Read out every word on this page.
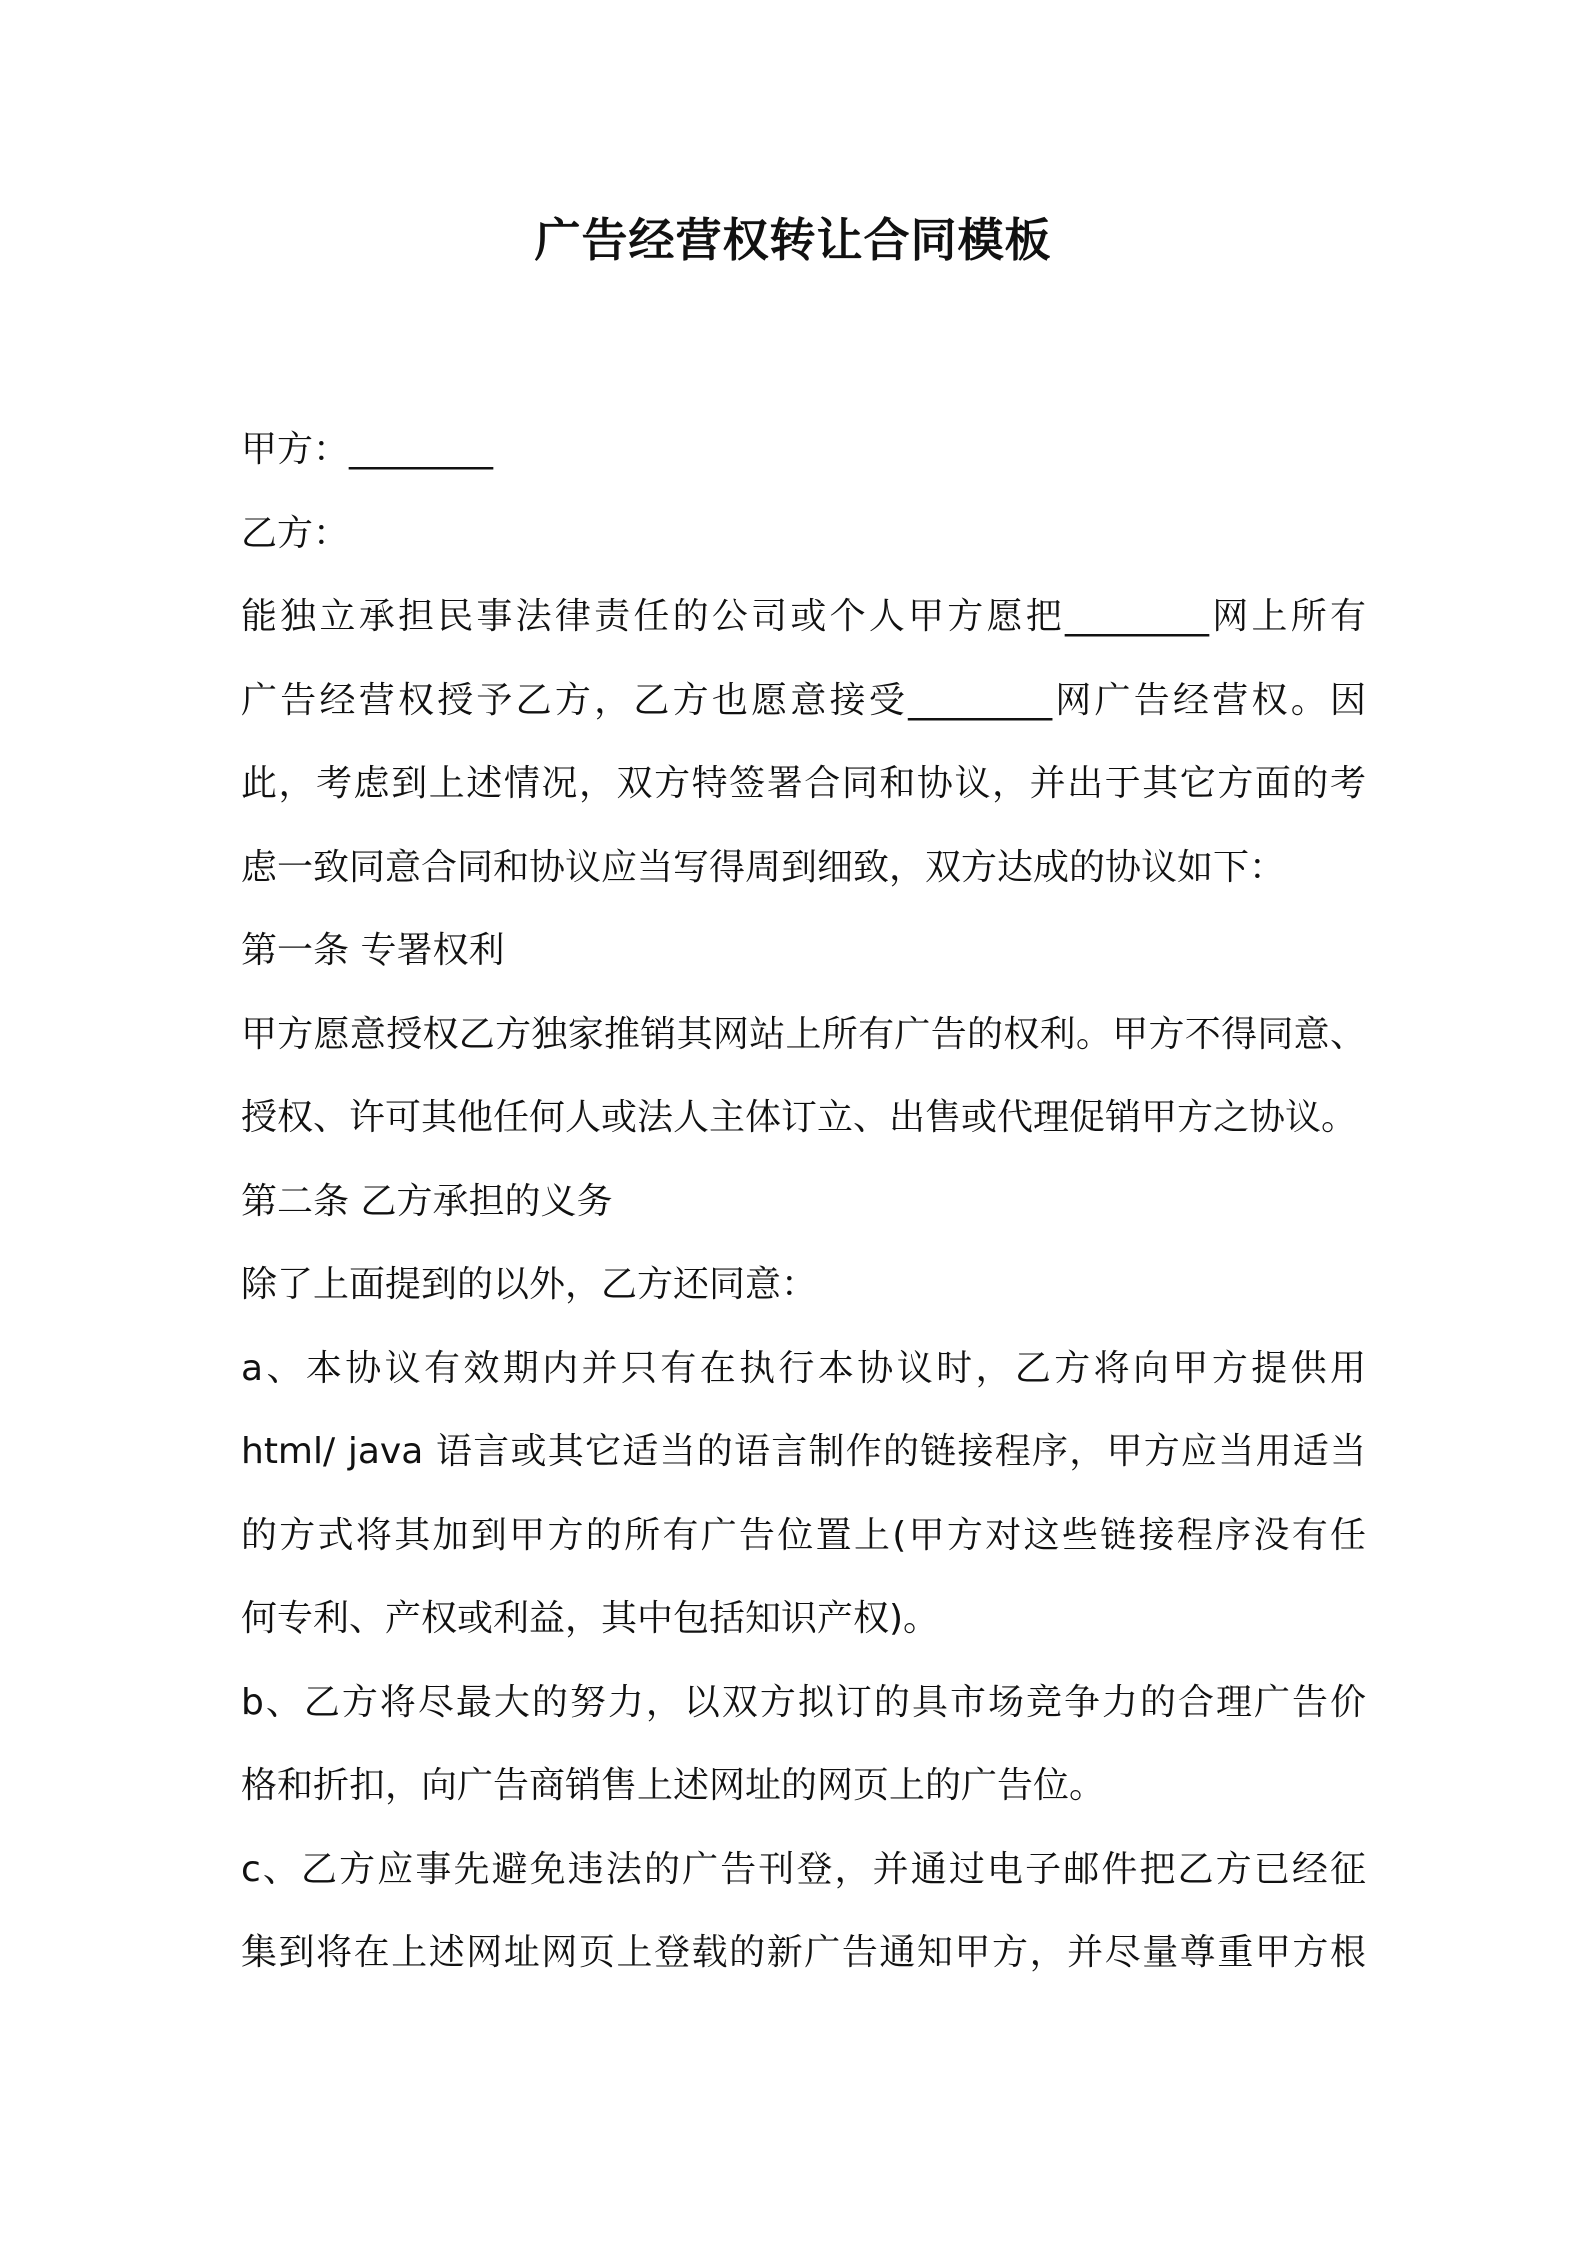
广告经营权转让合同模板
甲方：________
乙方：
能独立承担民事法律责任的公司或个人甲方愿把________网上所有
广告经营权授予乙方，乙方也愿意接受________网广告经营权。因
此，考虑到上述情况，双方特签署合同和协议，并出于其它方面的考
虑一致同意合同和协议应当写得周到细致，双方达成的协议如下：
第一条 专署权利
甲方愿意授权乙方独家推销其网站上所有广告的权利。甲方不得同意、
授权、许可其他任何人或法人主体订立、出售或代理促销甲方之协议。
第二条 乙方承担的义务
除了上面提到的以外，乙方还同意：
a、本协议有效期内并只有在执行本协议时，乙方将向甲方提供用
html/ java 语言或其它适当的语言制作的链接程序，甲方应当用适当
的方式将其加到甲方的所有广告位置上(甲方对这些链接程序没有任
何专利、产权或利益，其中包括知识产权)。
b、乙方将尽最大的努力，以双方拟订的具市场竞争力的合理广告价
格和折扣，向广告商销售上述网址的网页上的广告位。
c、乙方应事先避免违法的广告刊登，并通过电子邮件把乙方已经征
集到将在上述网址网页上登载的新广告通知甲方，并尽量尊重甲方根
